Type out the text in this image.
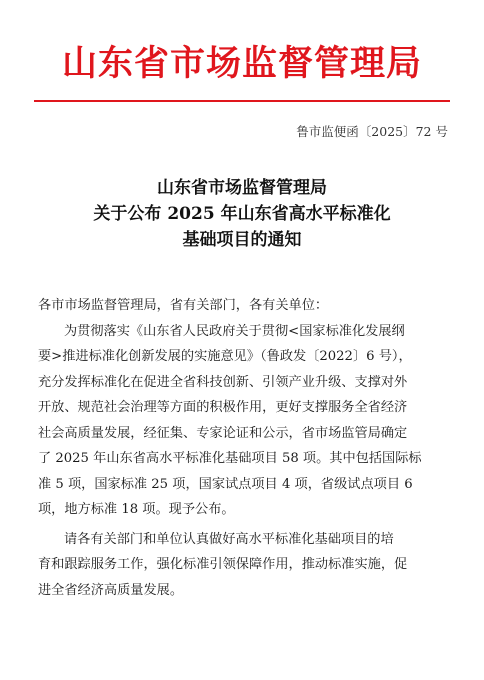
山东省市场监督管理局
鲁市监便函〔2025〕72 号
山东省市场监督管理局
关于公布 2025 年山东省高水平标准化
基础项目的通知
各市市场监督管理局，省有关部门，各有关单位：
为贯彻落实《山东省人民政府关于贯彻<国家标准化发展纲
要>推进标准化创新发展的实施意见》（鲁政发〔2022〕6 号），
充分发挥标准化在促进全省科技创新、引领产业升级、支撑对外
开放、规范社会治理等方面的积极作用，更好支撑服务全省经济
社会高质量发展，经征集、专家论证和公示，省市场监管局确定
了 2025 年山东省高水平标准化基础项目 58 项。其中包括国际标
准 5 项，国家标准 25 项，国家试点项目 4 项，省级试点项目 6
项，地方标准 18 项。现予公布。
请各有关部门和单位认真做好高水平标准化基础项目的培
育和跟踪服务工作，强化标准引领保障作用，推动标准实施，促
进全省经济高质量发展。
